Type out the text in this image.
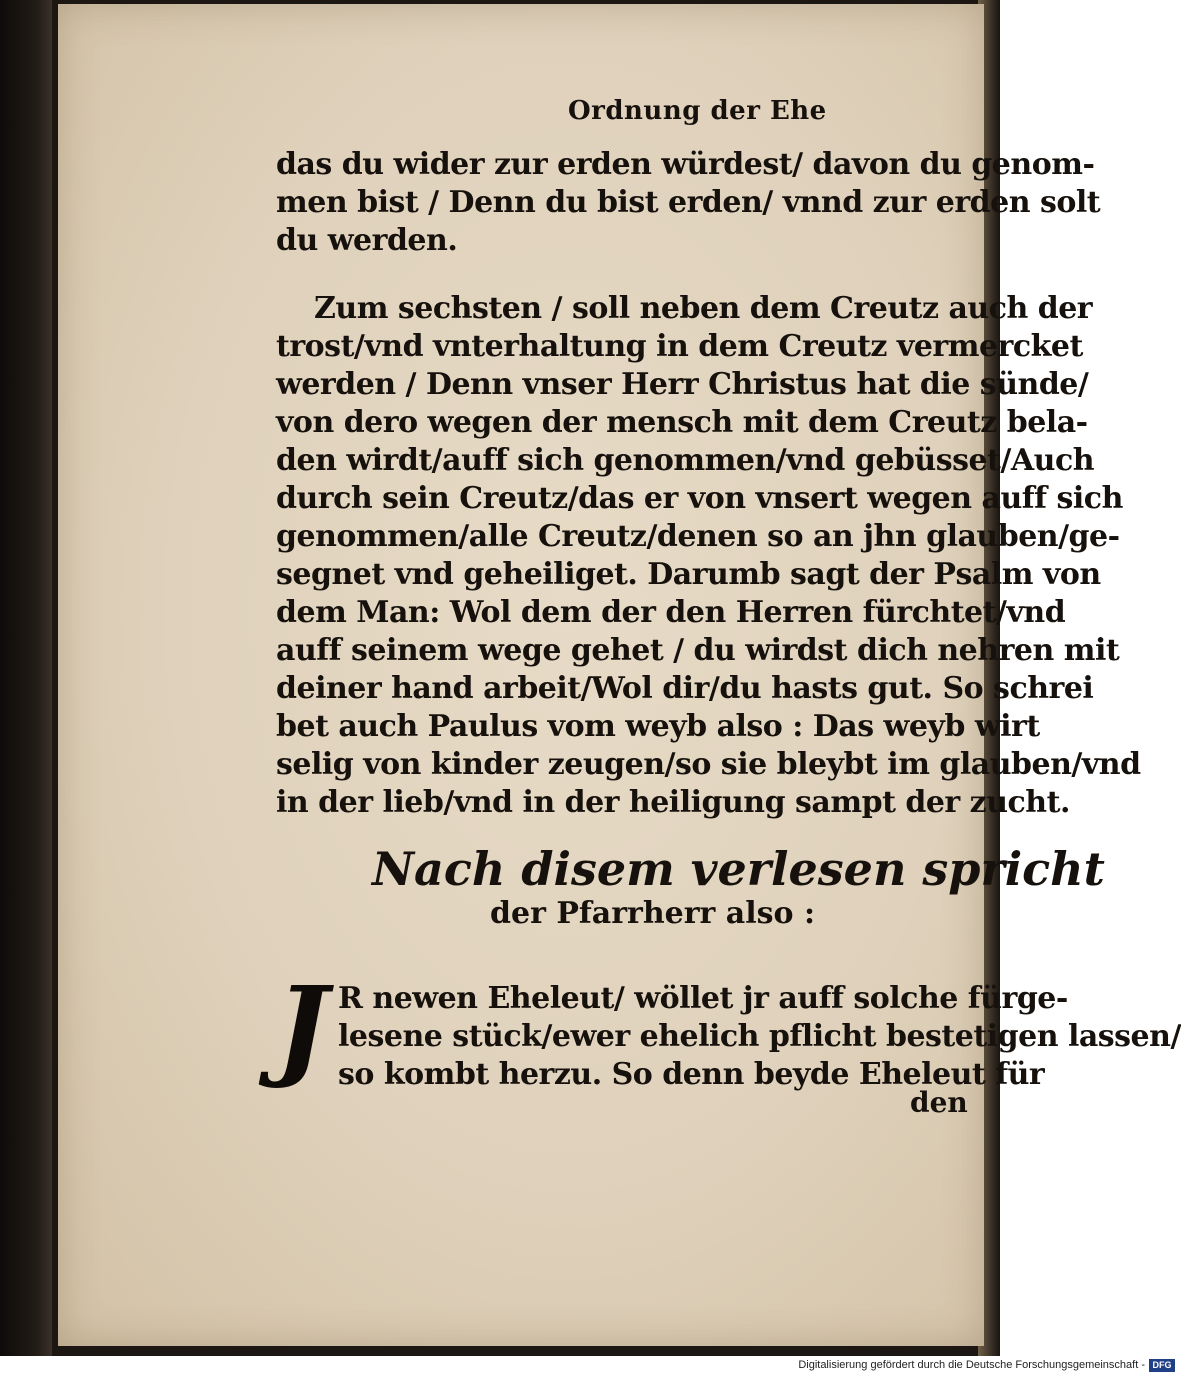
Ordnung der Ehe
das du wider zur erden würdest/ davon du genom-
men bist / Denn du bist erden/ vnnd zur erden solt
du werden.
Zum sechsten / soll neben dem Creutz auch der
trost/vnd vnterhaltung in dem Creutz vermercket
werden / Denn vnser Herr Christus hat die sünde/
von dero wegen der mensch mit dem Creutz bela-
den wirdt/auff sich genommen/vnd gebüsset/Auch
durch sein Creutz/das er von vnsert wegen auff sich
genommen/alle Creutz/denen so an jhn glauben/ge-
segnet vnd geheiliget. Darumb sagt der Psalm von
dem Man: Wol dem der den Herren fürchtet/vnd
auff seinem wege gehet / du wirdst dich nehren mit
deiner hand arbeit/Wol dir/du hasts gut. So schrei
bet auch Paulus vom weyb also : Das weyb wirt
selig von kinder zeugen/so sie bleybt im glauben/vnd
in der lieb/vnd in der heiligung sampt der zucht.
Nach disem verlesen spricht
der Pfarrherr also :
J R newen Eheleut/ wöllet jr auff solche fürge-
lesene stück/ewer ehelich pflicht bestetigen lassen/
so kombt herzu. So denn beyde Eheleut für
den
Digitalisierung gefördert durch die Deutsche Forschungsgemeinschaft - DFG
